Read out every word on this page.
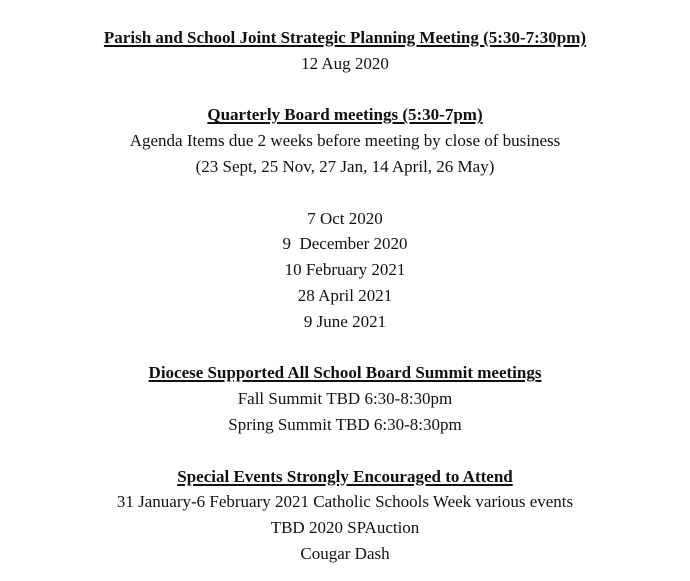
Parish and School Joint Strategic Planning Meeting (5:30-7:30pm)
12 Aug 2020
Quarterly Board meetings (5:30-7pm)
Agenda Items due 2 weeks before meeting by close of business
(23 Sept, 25 Nov, 27 Jan, 14 April, 26 May)
7 Oct 2020
9  December 2020
10 February 2021
28 April 2021
9 June 2021
Diocese Supported All School Board Summit meetings
Fall Summit TBD 6:30-8:30pm
Spring Summit TBD 6:30-8:30pm
Special Events Strongly Encouraged to Attend
31 January-6 February 2021 Catholic Schools Week various events
TBD 2020 SPAuction
Cougar Dash
